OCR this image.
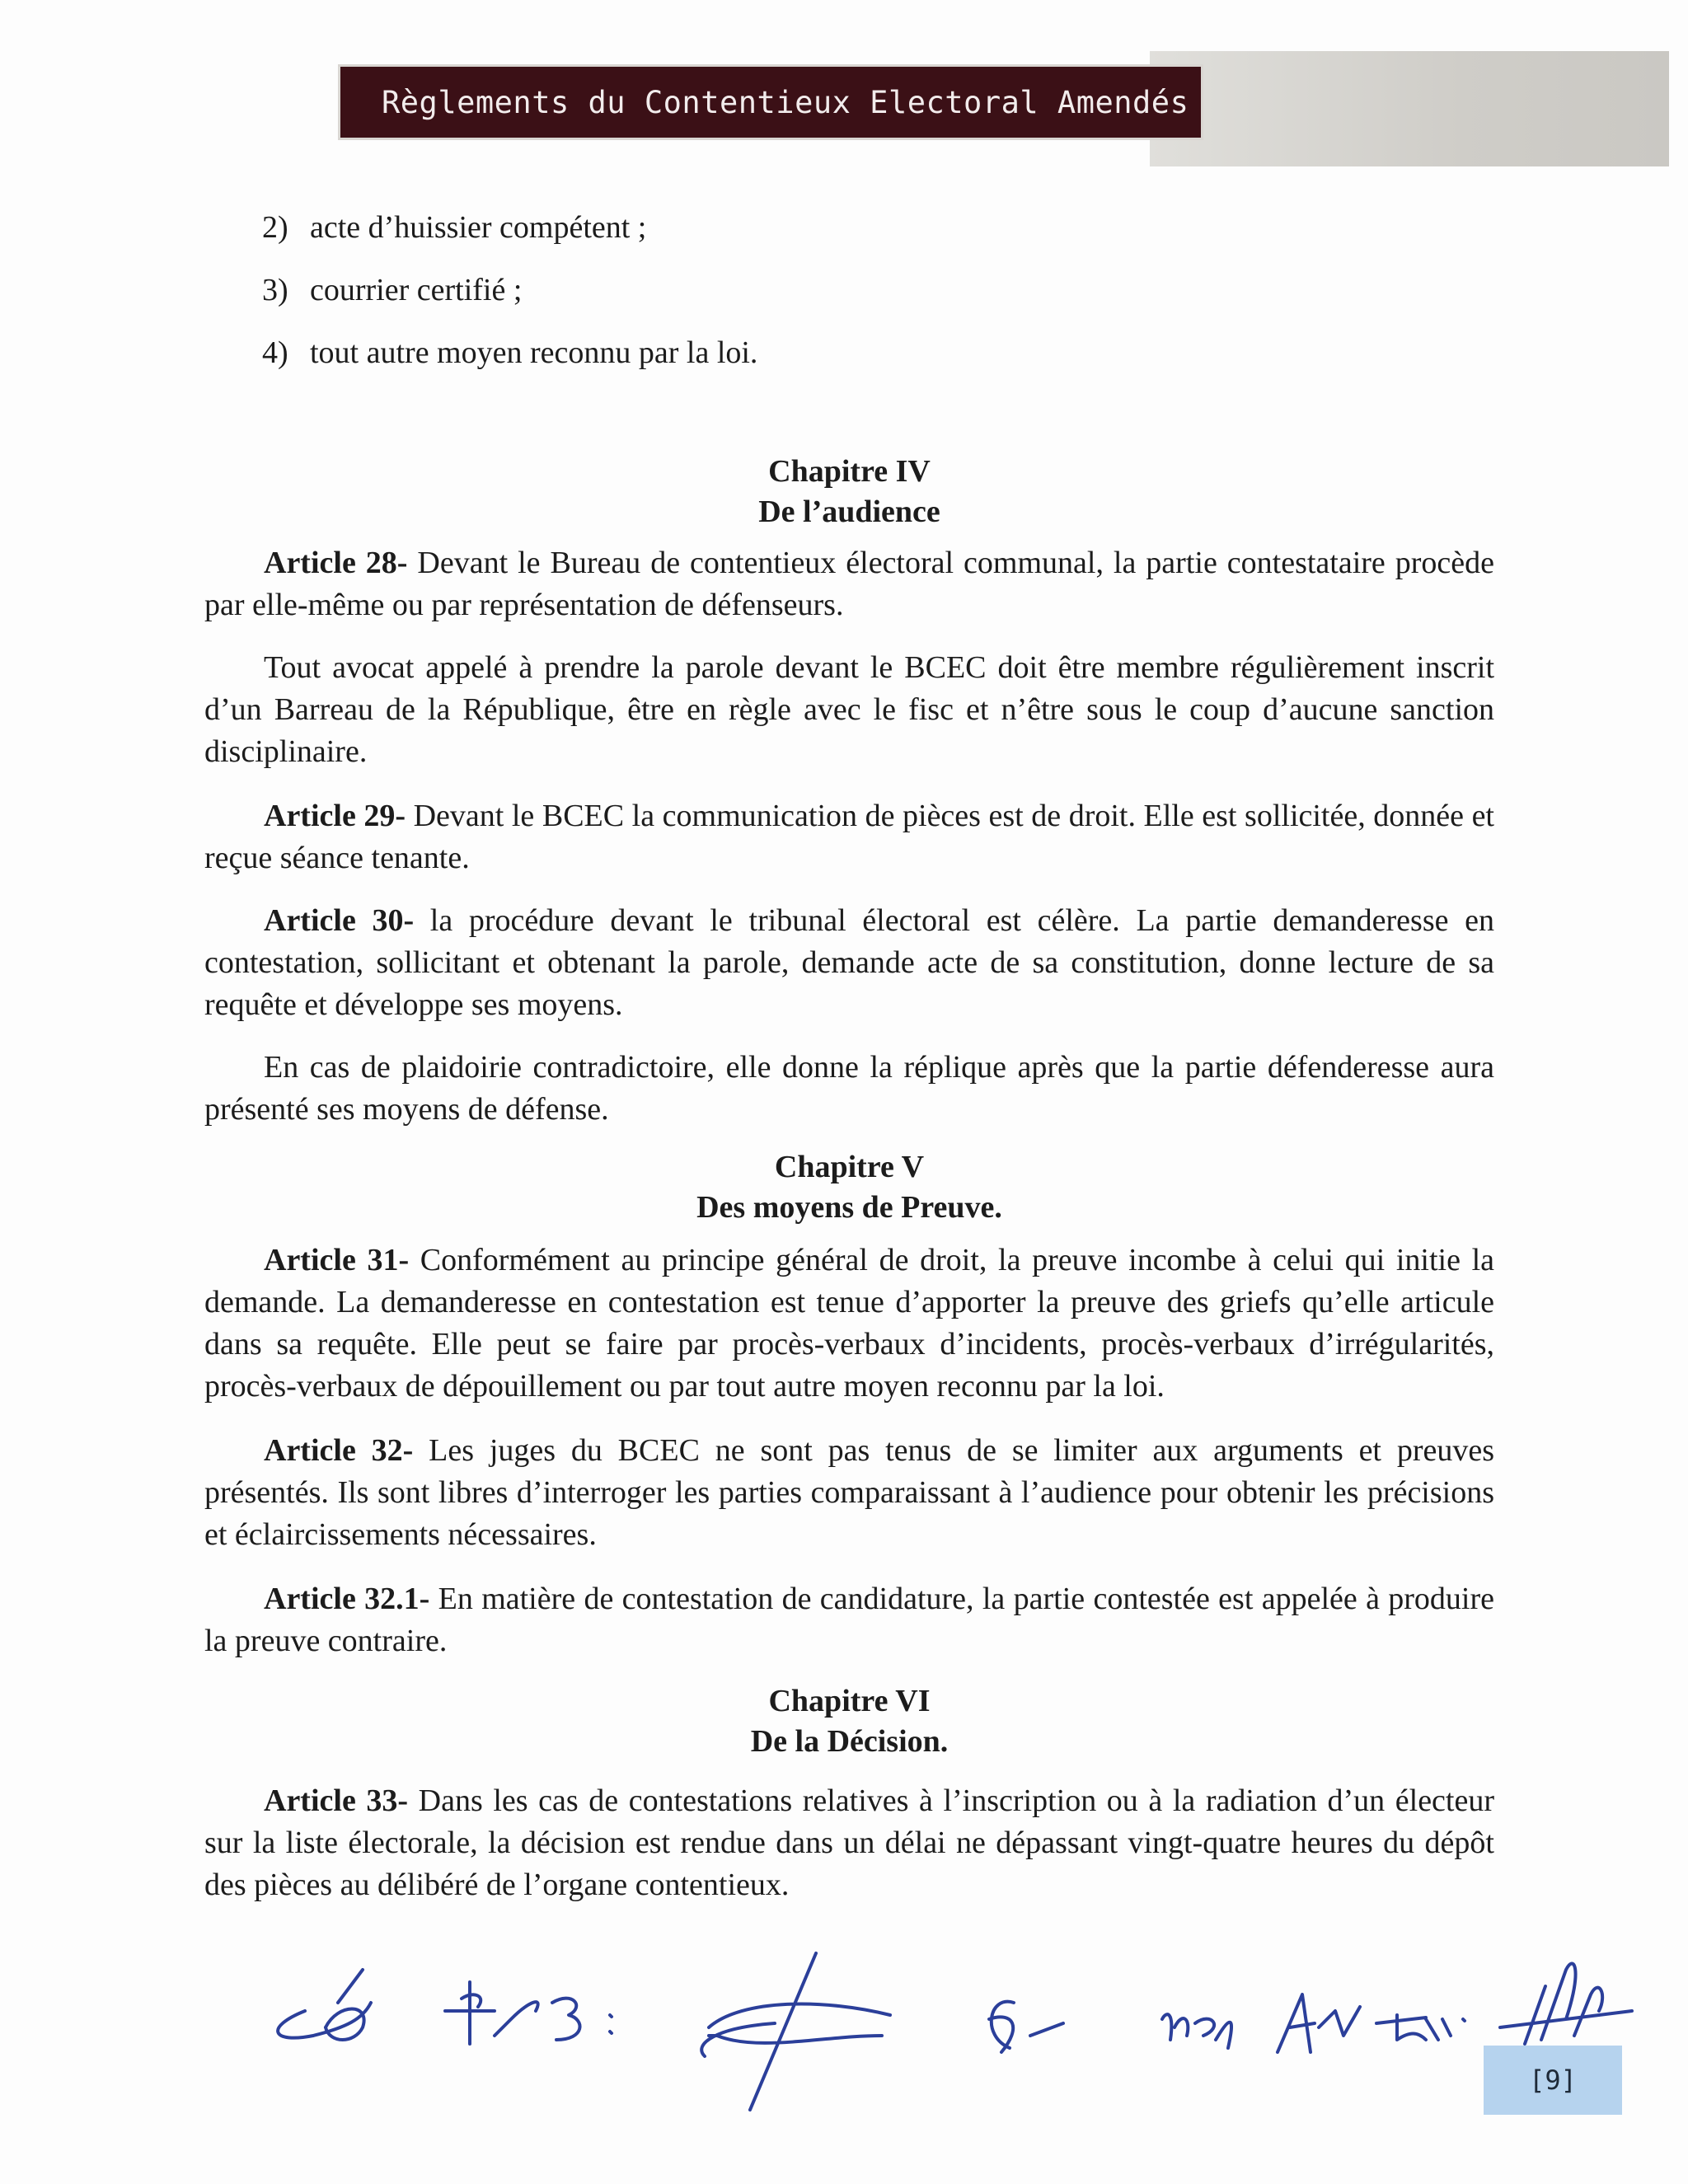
Règlements du Contentieux Electoral Amendés
2) acte d’huissier compétent ;
3) courrier certifié ;
4) tout autre moyen reconnu par la loi.
Chapitre IV
De l’audience

Article 28- Devant le Bureau de contentieux électoral communal, la partie contestataire procède par elle-même ou par représentation de défenseurs.

Tout avocat appelé à prendre la parole devant le BCEC doit être membre régulièrement inscrit d’un Barreau de la République, être en règle avec le fisc et n’être sous le coup d’aucune sanction disciplinaire.

Article 29- Devant le BCEC la communication de pièces est de droit. Elle est sollicitée, donnée et reçue séance tenante.

Article 30- la procédure devant le tribunal électoral est célère. La partie demanderesse en contestation, sollicitant et obtenant la parole, demande acte de sa constitution, donne lecture de sa requête et développe ses moyens.

En cas de plaidoirie contradictoire, elle donne la réplique après que la partie défenderesse aura présenté ses moyens de défense.

Chapitre V
Des moyens de Preuve.

Article 31- Conformément au principe général de droit, la preuve incombe à celui qui initie la demande. La demanderesse en contestation est tenue d’apporter la preuve des griefs qu’elle articule dans sa requête. Elle peut se faire par procès-verbaux d’incidents, procès-verbaux d’irrégularités, procès-verbaux de dépouillement ou par tout autre moyen reconnu par la loi.

Article 32- Les juges du BCEC ne sont pas tenus de se limiter aux arguments et preuves présentés. Ils sont libres d’interroger les parties comparaissant à l’audience pour obtenir les précisions et éclaircissements nécessaires.

Article 32.1- En matière de contestation de candidature, la partie contestée est appelée à produire la preuve contraire.

Chapitre VI
De la Décision.

Article 33- Dans les cas de contestations relatives à l’inscription ou à la radiation d’un électeur sur la liste électorale, la décision est rendue dans un délai ne dépassant vingt-quatre heures du dépôt des pièces au délibéré de l’organe contentieux.

[9]
